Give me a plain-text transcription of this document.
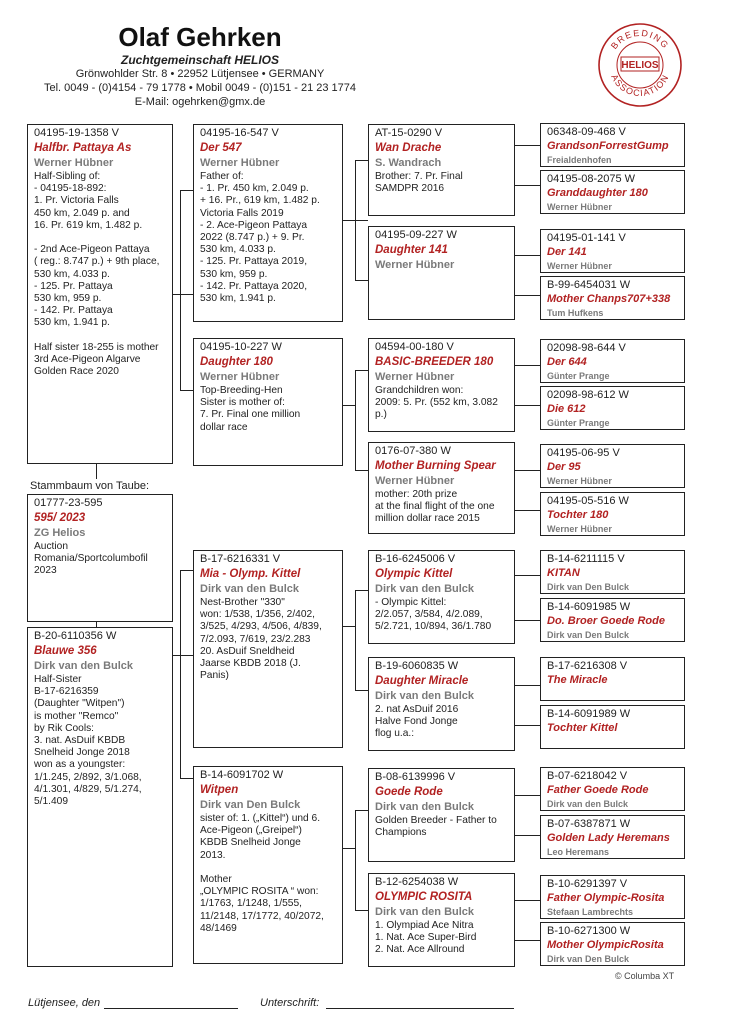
Olaf Gehrken
Zuchtgemeinschaft HELIOS
Grönwohlder Str. 8 • 22952 Lütjensee • GERMANY
Tel. 0049 - (0)4154 - 79 1778 • Mobil 0049 - (0)151 - 21 23 1774
E-Mail: ogehrken@gmx.de
BREEDING
ASSOCIATION
HELIOS
04195-19-1358 V
Halfbr. Pattaya As
Werner Hübner
Half-Sibling of:
- 04195-18-892:
1. Pr. Victoria Falls
450 km, 2.049 p. and
16. Pr. 619 km, 1.482 p.

- 2nd Ace-Pigeon Pattaya
( reg.: 8.747 p.) + 9th place,
530 km, 4.033 p.
- 125. Pr. Pattaya
530 km, 959 p.
- 142. Pr. Pattaya
530 km, 1.941 p.

Half sister 18-255 is mother
3rd Ace-Pigeon Algarve
Golden Race 2020
Stammbaum von Taube:
01777-23-595
595/ 2023
ZG Helios
Auction
Romania/Sportcolumbofil
2023
B-20-6110356 W
Blauwe 356
Dirk van den Bulck
Half-Sister
B-17-6216359
(Daughter "Witpen")
is mother "Remco"
by Rik Cools:
3. nat. AsDuif KBDB
Snelheid Jonge 2018
won as a youngster:
1/1.245, 2/892, 3/1.068,
4/1.301, 4/829, 5/1.274,
5/1.409
04195-16-547 V
Der 547
Werner Hübner
Father of:
- 1. Pr. 450 km, 2.049 p.
+ 16. Pr., 619 km, 1.482 p.
Victoria Falls 2019
- 2. Ace-Pigeon Pattaya
2022 (8.747 p.) + 9. Pr.
530 km, 4.033 p.
- 125. Pr. Pattaya 2019,
530 km, 959 p.
- 142. Pr. Pattaya 2020,
530 km, 1.941 p.
04195-10-227 W
Daughter 180
Werner Hübner
Top-Breeding-Hen
Sister is mother of:
7. Pr. Final one million
dollar race
B-17-6216331 V
Mia - Olymp. Kittel
Dirk van den Bulck
Nest-Brother "330"
won: 1/538, 1/356, 2/402,
3/525, 4/293, 4/506, 4/839,
7/2.093, 7/619, 23/2.283
20. AsDuif Sneldheid
Jaarse KBDB 2018 (J.
Panis)
B-14-6091702 W
Witpen
Dirk van Den Bulck
sister of: 1. („Kittel“) und 6.
Ace-Pigeon („Greipel“)
KBDB Snelheid Jonge
2013.

Mother
„OLYMPIC ROSITA “ won:
1/1763, 1/1248, 1/555,
11/2148, 17/1772, 40/2072,
48/1469
AT-15-0290 V
Wan Drache
S. Wandrach
Brother: 7. Pr. Final
SAMDPR 2016
04195-09-227 W
Daughter 141
Werner Hübner
04594-00-180 V
BASIC-BREEDER 180
Werner Hübner
Grandchildren won:
2009: 5. Pr. (552 km, 3.082
p.)
0176-07-380 W
Mother Burning Spear
Werner Hübner
mother: 20th prize
at the final flight of the one
million dollar race 2015
B-16-6245006 V
Olympic Kittel
Dirk van den Bulck
- Olympic Kittel:
2/2.057, 3/584, 4/2.089,
5/2.721, 10/894, 36/1.780
B-19-6060835 W
Daughter Miracle
Dirk van den Bulck
2. nat AsDuif 2016
Halve Fond Jonge
flog u.a.:
B-08-6139996 V
Goede Rode
Dirk van den Bulck
Golden Breeder - Father to
Champions
B-12-6254038 W
OLYMPIC ROSITA
Dirk van den Bulck
1. Olympiad Ace Nitra
1. Nat. Ace Super-Bird
2. Nat. Ace Allround
06348-09-468 V
GrandsonForrestGump
Freialdenhofen
04195-08-2075 W
Granddaughter 180
Werner Hübner
04195-01-141 V
Der 141
Werner Hübner
B-99-6454031 W
Mother Chanps707+338
Tum Hufkens
02098-98-644 V
Der 644
Günter Prange
02098-98-612 W
Die 612
Günter Prange
04195-06-95 V
Der 95
Werner Hübner
04195-05-516 W
Tochter 180
Werner Hübner
B-14-6211115 V
KITAN
Dirk van Den Bulck
B-14-6091985 W
Do. Broer Goede Rode
Dirk van Den Bulck
B-17-6216308 V
The Miracle
B-14-6091989 W
Tochter Kittel
B-07-6218042 V
Father Goede Rode
Dirk van den Bulck
B-07-6387871 W
Golden Lady Heremans
Leo Heremans
B-10-6291397 V
Father Olympic-Rosita
Stefaan Lambrechts
B-10-6271300 W
Mother OlympicRosita
Dirk van Den Bulck
© Columba XT
Lütjensee, den	Unterschrift:
